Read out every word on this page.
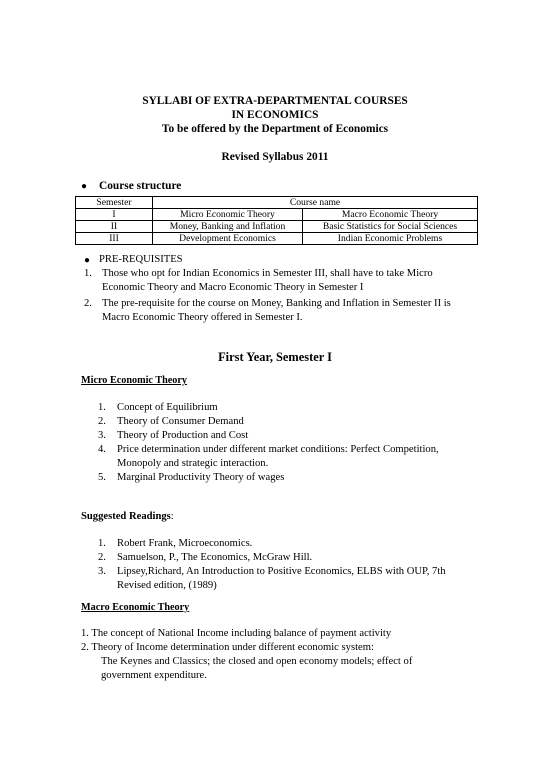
SYLLABI OF EXTRA-DEPARTMENTAL COURSES
IN ECONOMICS
To be offered by the Department of Economics
Revised Syllabus 2011
● Course structure
Semester	Course name	
I	Micro Economic Theory	Macro Economic Theory
II	Money, Banking and Inflation	Basic Statistics for Social Sciences
III	Development Economics	Indian Economic Problems
● PRE-REQUISITES
1. Those who opt for Indian Economics in Semester III, shall have to take Micro
Economic Theory and Macro Economic Theory in Semester I
2. The pre-requisite for the course on Money, Banking and Inflation in Semester II is
Macro Economic Theory offered in Semester I.
First Year, Semester I
Micro Economic Theory
1. Concept of Equilibrium
2. Theory of Consumer Demand
3. Theory of Production and Cost
4. Price determination under different market conditions: Perfect Competition,
Monopoly and strategic interaction.
5. Marginal Productivity Theory of wages
Suggested Readings:
1. Robert Frank, Microeconomics.
2. Samuelson, P., The Economics, McGraw Hill.
3. Lipsey,Richard, An Introduction to Positive Economics, ELBS with OUP, 7th
Revised edition, (1989)
Macro Economic Theory
1. The concept of National Income including balance of payment activity
2. Theory of Income determination under different economic system:
The Keynes and Classics; the closed and open economy models; effect of
government expenditure.
